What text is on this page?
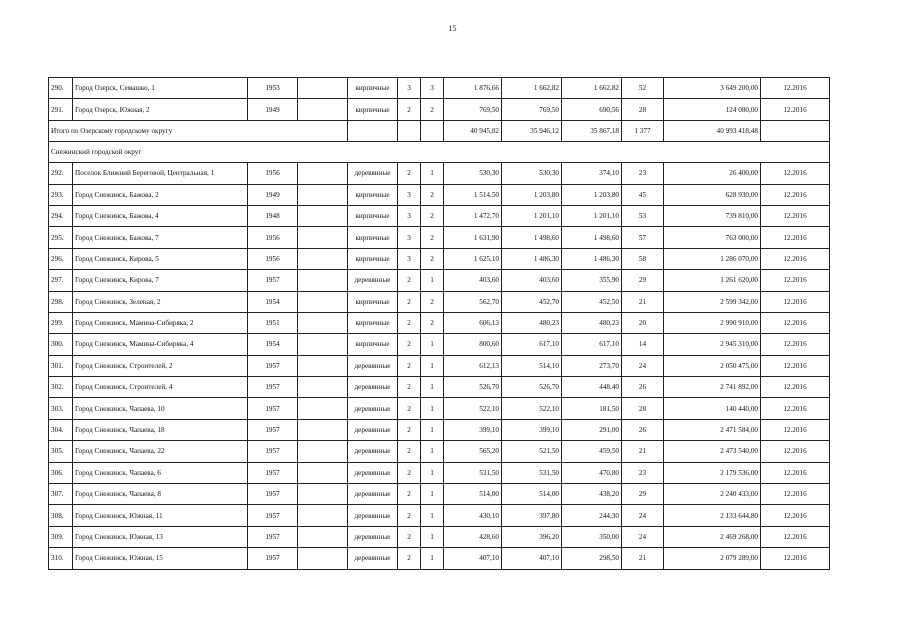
15
290.	Город Озерск, Семашко, 1	1953		кирпичные	3	3	1 876,66	1 662,82	1 662,82	52	3 649 200,00	12.2016
291.	Город Озерск, Южная, 2	1949		кирпичные	2	2	769,50	769,50	690,56	28	124 080,00	12.2016
Итого по Озерскому городскому округу							40 945,82	35 946,12	35 867,18	1 377	40 993 418,48	
Снежинский городской округ												
292.	Поселок Ближний Береговой, Центральная, 1	1956		деревянные	2	1	530,30	530,30	374,10	23	26 400,00	12.2016
293.	Город Снежинск, Бажова, 2	1949		кирпичные	3	2	1 514,50	1 203,80	1 203,80	45	628 930,00	12.2016
294.	Город Снежинск, Бажова, 4	1948		кирпичные	3	2	1 472,70	1 201,10	1 201,10	53	739 810,00	12.2016
295.	Город Снежинск, Бажова, 7	1956		кирпичные	3	2	1 631,90	1 498,60	1 498,60	57	763 000,00	12.2016
296.	Город Снежинск, Кирова, 5	1956		кирпичные	3	2	1 625,10	1 486,30	1 486,30	58	1 286 070,00	12.2016
297.	Город Снежинск, Кирова, 7	1957		деревянные	2	1	403,60	403,60	355,90	29	1 261 620,00	12.2016
298.	Город Снежинск, Зеленая, 2	1954		кирпичные	2	2	562,70	452,70	452,50	21	2 599 342,00	12.2016
299.	Город Снежинск, Мамина-Сибиряка, 2	1951		кирпичные	2	2	606,13	480,23	480,23	20	2 990 910,00	12.2016
300.	Город Снежинск, Мамина-Сибиряка, 4	1954		кирпичные	2	1	800,60	617,10	617,10	14	2 945 310,00	12.2016
301.	Город Снежинск, Строителей, 2	1957		деревянные	2	1	612,13	514,10	273,70	24	2 050 475,00	12.2016
302.	Город Снежинск, Строителей, 4	1957		деревянные	2	1	526,70	526,70	448,40	26	2 741 892,00	12.2016
303.	Город Снежинск, Чапаева, 10	1957		деревянные	2	1	522,10	522,10	181,50	28	140 440,00	12.2016
304.	Город Снежинск, Чапаева, 18	1957		деревянные	2	1	399,10	399,10	291,00	26	2 471 584,00	12.2016
305.	Город Снежинск, Чапаева, 22	1957		деревянные	2	1	565,20	521,50	459,50	21	2 473 540,00	12.2016
306.	Город Снежинск, Чапаева, 6	1957		деревянные	2	1	531,50	531,50	470,80	23	2 179 536,00	12.2016
307.	Город Снежинск, Чапаева, 8	1957		деревянные	2	1	514,00	514,00	438,20	29	2 240 433,00	12.2016
308.	Город Снежинск, Южная, 11	1957		деревянные	2	1	430,10	397,80	244,30	24	2 133 644,80	12.2016
309.	Город Снежинск, Южная, 13	1957		деревянные	2	1	428,60	396,20	350,00	24	2 469 268,00	12.2016
310.	Город Снежинск, Южная, 15	1957		деревянные	2	1	407,10	407,10	298,50	21	2 079 289,00	12.2016
